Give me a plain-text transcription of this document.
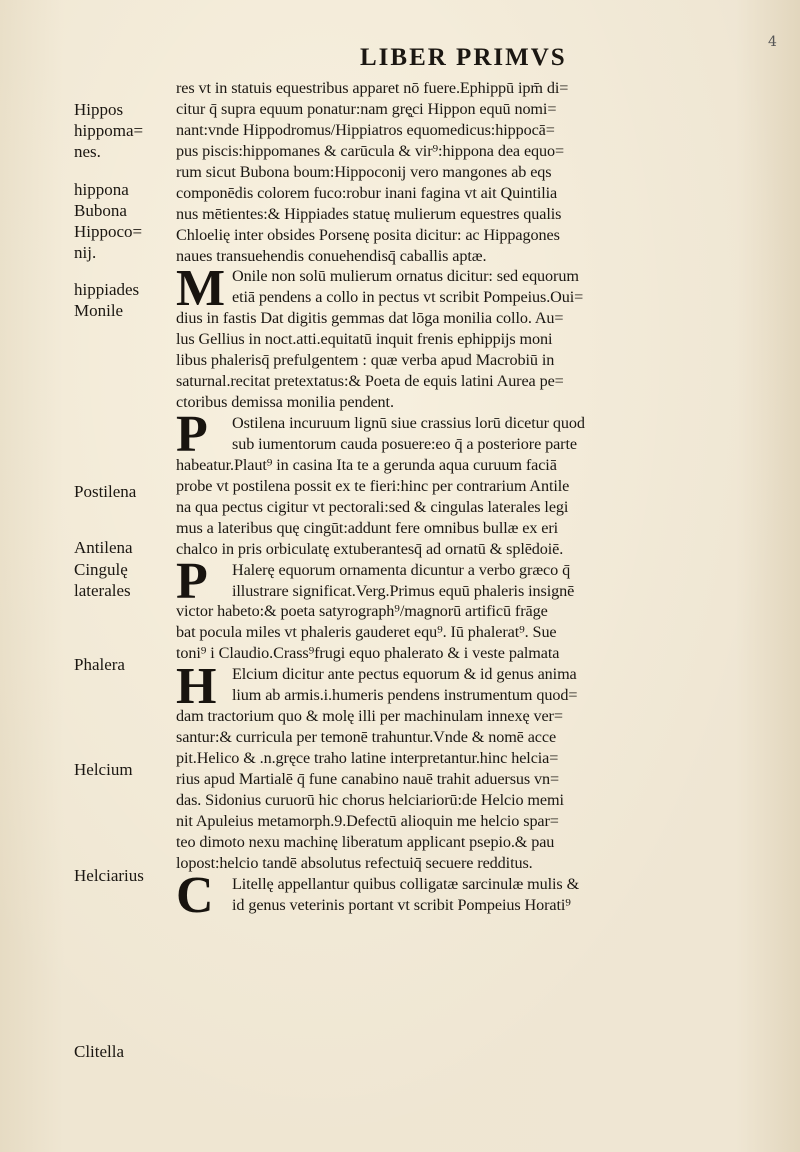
LIBER PRIMVS
4
Hippos
hippoma=
nes.
hippona
Bubona
Hippoco=
nij.
hippiades
Monile
Postilena
Antilena
Cingulę
laterales
Phalera
Helcium
Helciarius
Clitella
res vt in statuis equestribus apparet nō fuere.Ephippū ipm̄ di=
citur q̄ supra equum ponatur:nam grę̨ci Hippon equū nomi=
nant:vnde Hippodromus/Hippiatros equomedicus:hippocā=
pus piscis:hippomanes & carūcula & vir⁹:hippona dea equo=
rum sicut Bubona boum:Hippoconij vero mangones ab eqs
componēdis colorem fuco:robur inani fagina vt ait Quintilia
nus mētientes:& Hippiades statuę mulierum equestres qualis
Chloelię inter obsides Porsenę posita dicitur: ac Hippagones
naues transuehendis conuehendisq̄ caballis aptæ.
Onile non solū mulierum ornatus dicitur: sed equorum
etiā pendens a collo in pectus vt scribit Pompeius.Oui=
dius in fastis Dat digitis gemmas dat lōga monilia collo. Au=
lus Gellius in noct.atti.equitatū inquit frenis ephippijs moni
libus phalerisq̄ prefulgentem : quæ verba apud Macrobiū in
saturnal.recitat pretextatus:& Poeta de equis latini Aurea pe=
ctoribus demissa monilia pendent.
Ostilena incuruum lignū siue crassius lorū dicetur quod
sub iumentorum cauda posuere:eo q̄ a posteriore parte
habeatur.Plaut⁹ in casina Ita te a gerunda aqua curuum faciā
probe vt postilena possit ex te fieri:hinc per contrarium Antile
na qua pectus cigitur vt pectorali:sed & cingulas laterales legi
mus a lateribus quę cingūt:addunt fere omnibus bullæ ex eri
chalco in pris orbiculatę extuberantesq̄ ad ornatū & splēdoiē.
Halerę equorum ornamenta dicuntur a verbo græco q̄
illustrare significat.Verg.Primus equū phaleris insignē
victor habeto:& poeta satyrograph⁹/magnorū artificū frāge
bat pocula miles vt phaleris gauderet equ⁹. Iū phalerat⁹. Sue
toni⁹ i Claudio.Crass⁹frugi equo phalerato & i veste palmata
Elcium dicitur ante pectus equorum & id genus anima
lium ab armis.i.humeris pendens instrumentum quod=
dam tractorium quo & molę illi per machinulam innexę ver=
santur:& curricula per temonē trahuntur.Vnde & nomē acce
pit.Helico & .n.gręce traho latine interpretantur.hinc helcia=
rius apud Martialē q̄ fune canabino nauē trahit aduersus vn=
das. Sidonius curuorū hic chorus helciariorū:de Helcio memi
nit Apuleius metamorph.9.Defectū alioquin me helcio spar=
teo dimoto nexu machinę liberatum applicant psepio.& pau
lopost:helcio tandē absolutus refectuiq̄ secuere redditus.
Litellę appellantur quibus colligatæ sarcinulæ mulis &
id genus veterinis portant vt scribit Pompeius Horati⁹
M
P
P
H
C
